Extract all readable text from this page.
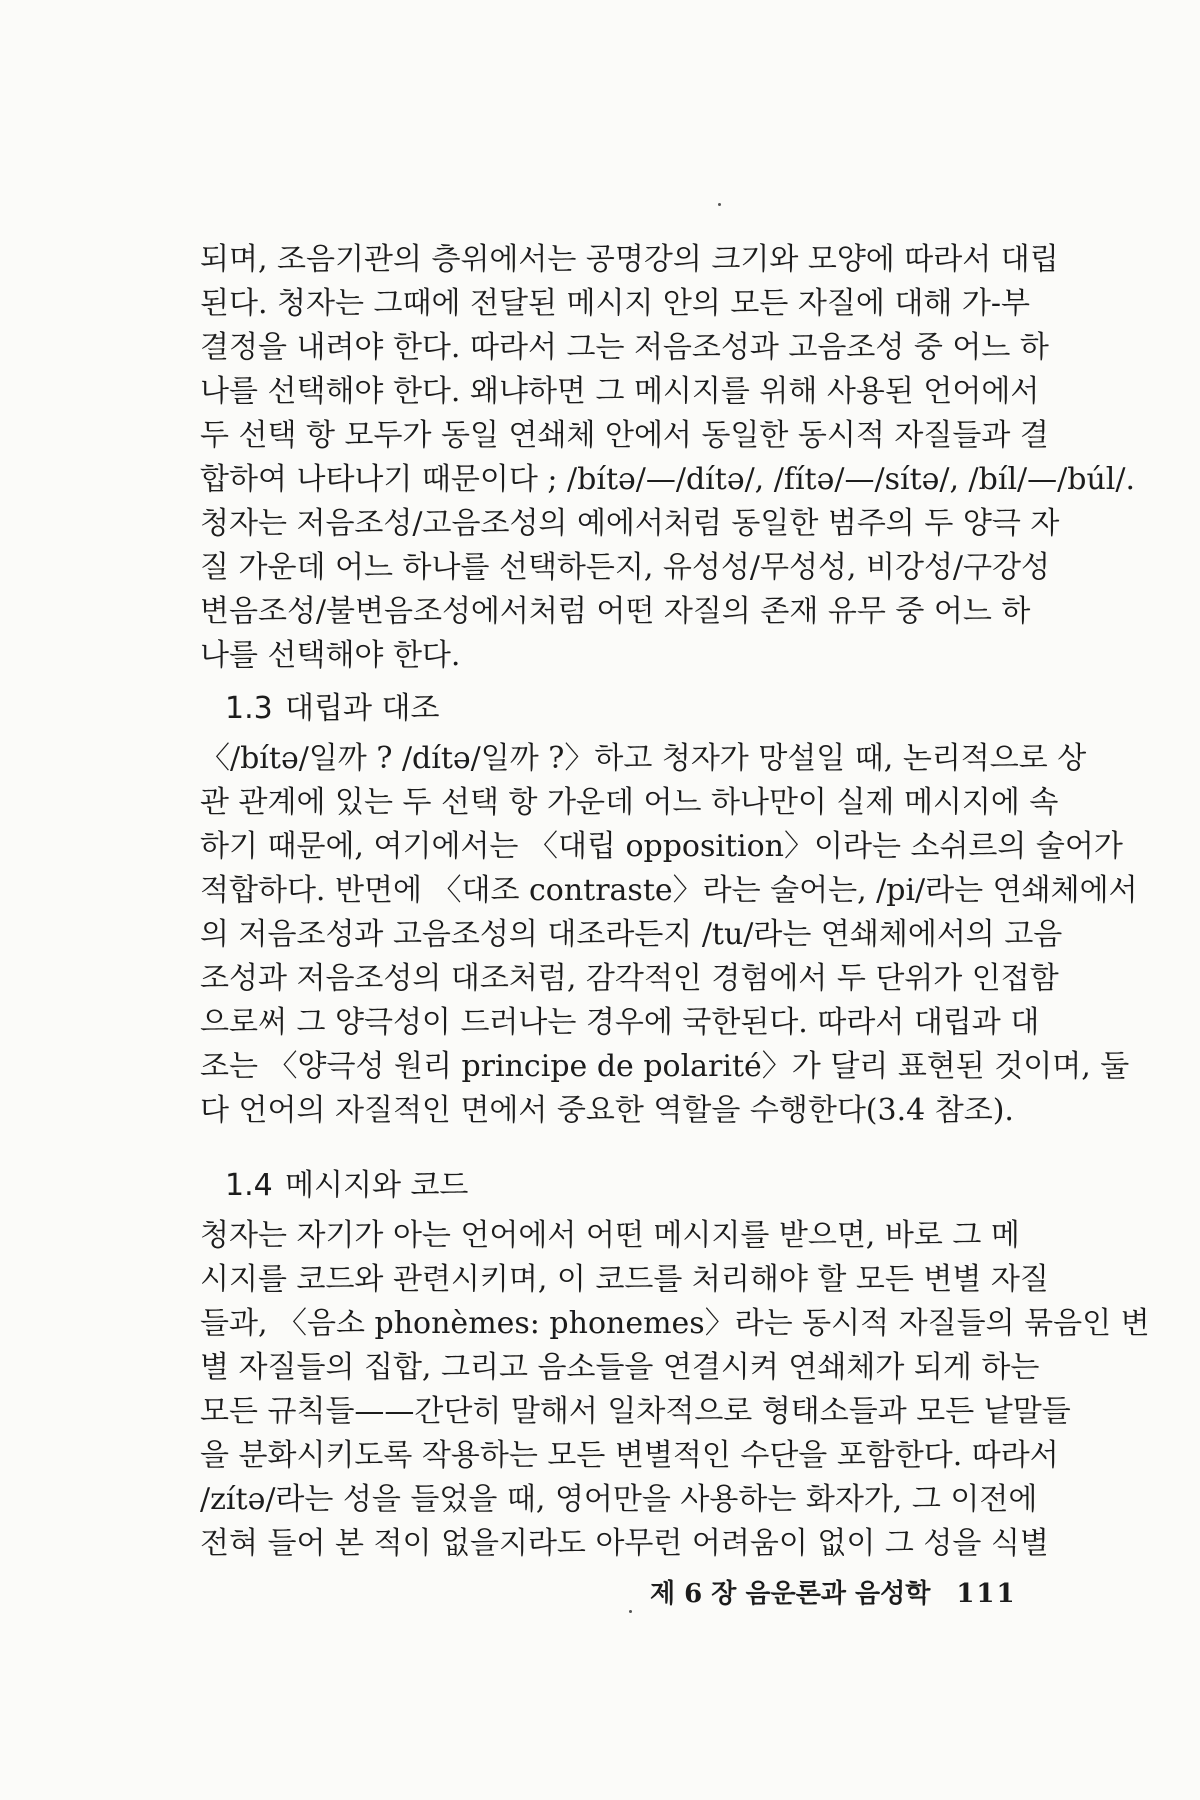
되며, 조음기관의 층위에서는 공명강의 크기와 모양에 따라서 대립
된다. 청자는 그때에 전달된 메시지 안의 모든 자질에 대해 가-부
결정을 내려야 한다. 따라서 그는 저음조성과 고음조성 중 어느 하
나를 선택해야 한다. 왜냐하면 그 메시지를 위해 사용된 언어에서
두 선택 항 모두가 동일 연쇄체 안에서 동일한 동시적 자질들과 결
합하여 나타나기 때문이다 ; /bítə/—/dítə/, /fítə/—/sítə/, /bíl/—/búl/.
청자는 저음조성/고음조성의 예에서처럼 동일한 범주의 두 양극 자
질 가운데 어느 하나를 선택하든지, 유성성/무성성, 비강성/구강성
변음조성/불변음조성에서처럼 어떤 자질의 존재 유무 중 어느 하
나를 선택해야 한다.
1.3 대립과 대조
〈/bítə/일까 ? /dítə/일까 ?〉하고 청자가 망설일 때, 논리적으로 상
관 관계에 있는 두 선택 항 가운데 어느 하나만이 실제 메시지에 속
하기 때문에, 여기에서는 〈대립 opposition〉이라는 소쉬르의 술어가
적합하다. 반면에 〈대조 contraste〉라는 술어는, /pi/라는 연쇄체에서
의 저음조성과 고음조성의 대조라든지 /tu/라는 연쇄체에서의 고음
조성과 저음조성의 대조처럼, 감각적인 경험에서 두 단위가 인접함
으로써 그 양극성이 드러나는 경우에 국한된다. 따라서 대립과 대
조는 〈양극성 원리 principe de polarité〉가 달리 표현된 것이며, 둘
다 언어의 자질적인 면에서 중요한 역할을 수행한다(3.4 참조).
1.4 메시지와 코드
청자는 자기가 아는 언어에서 어떤 메시지를 받으면, 바로 그 메
시지를 코드와 관련시키며, 이 코드를 처리해야 할 모든 변별 자질
들과, 〈음소 phonèmes: phonemes〉라는 동시적 자질들의 묶음인 변
별 자질들의 집합, 그리고 음소들을 연결시켜 연쇄체가 되게 하는
모든 규칙들——간단히 말해서 일차적으로 형태소들과 모든 낱말들
을 분화시키도록 작용하는 모든 변별적인 수단을 포함한다. 따라서
/zítə/라는 성을 들었을 때, 영어만을 사용하는 화자가, 그 이전에
전혀 들어 본 적이 없을지라도 아무런 어려움이 없이 그 성을 식별
제 6 장 음운론과 음성학 111
